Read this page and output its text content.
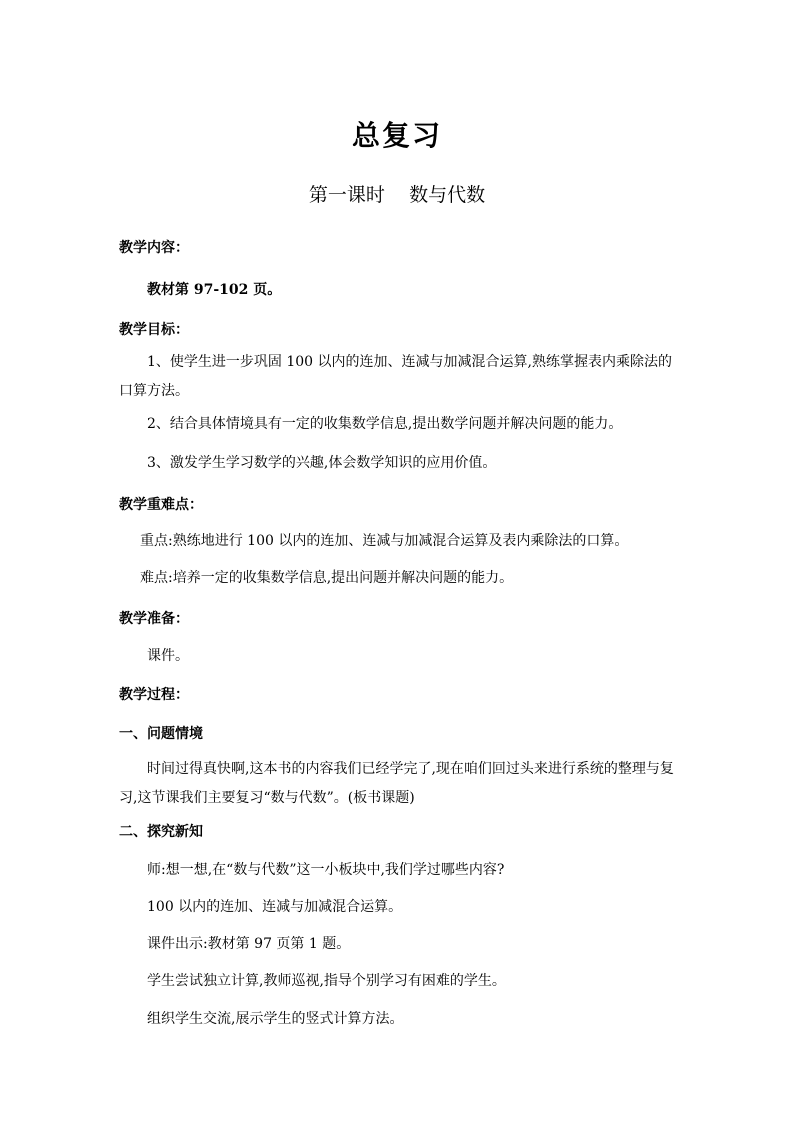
总复习
第一课时    数与代数
教学内容：
教材第 97-102 页。
教学目标：
1、使学生进一步巩固 100 以内的连加、连减与加减混合运算,熟练掌握表内乘除法的口算方法。
2、结合具体情境具有一定的收集数学信息,提出数学问题并解决问题的能力。
3、激发学生学习数学的兴趣,体会数学知识的应用价值。
教学重难点：
重点:熟练地进行 100 以内的连加、连减与加减混合运算及表内乘除法的口算。
难点:培养一定的收集数学信息,提出问题并解决问题的能力。
教学准备：
课件。
教学过程：
一、问题情境
时间过得真快啊,这本书的内容我们已经学完了,现在咱们回过头来进行系统的整理与复习,这节课我们主要复习“数与代数”。(板书课题)
二、探究新知
师:想一想,在“数与代数”这一小板块中,我们学过哪些内容?
100 以内的连加、连减与加减混合运算。
课件出示:教材第 97 页第 1 题。
学生尝试独立计算,教师巡视,指导个别学习有困难的学生。
组织学生交流,展示学生的竖式计算方法。
